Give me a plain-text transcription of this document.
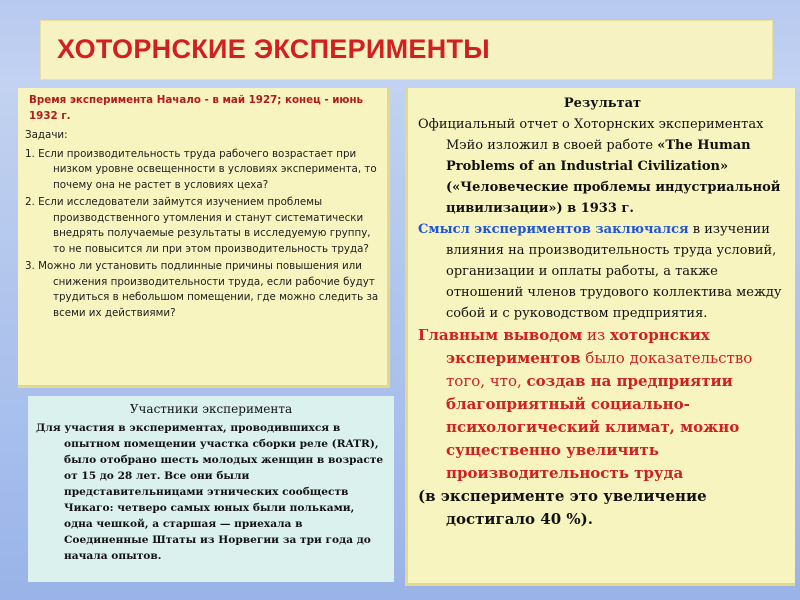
ХОТОРНСКИЕ ЭКСПЕРИМЕНТЫ
Время эксперимента Начало - в май 1927; конец - июнь 1932 г.
Задачи:
1. Если производительность труда рабочего возрастает при низком уровне освещенности в условиях эксперимента, то почему она не растет в условиях цеха?
2. Если исследователи займутся изучением проблемы производственного утомления и станут систематически внедрять получаемые результаты в исследуемую группу, то не повысится ли при этом производительность труда?
3. Можно ли установить подлинные причины повышения или снижения производительности труда, если рабочие будут трудиться в небольшом помещении, где можно следить за всеми их действиями?
Участники эксперимента
Для участия в экспериментах, проводившихся в опытном помещении участка сборки реле (RATR), было отобрано шесть молодых женщин в возрасте от 15 до 28 лет. Все они были представительницами этнических сообществ Чикаго: четверо самых юных были польками, одна чешкой, а старшая — приехала в Соединенные Штаты из Норвегии за три года до начала опытов.
Результат
Официальный отчет о Хоторнских экспериментах Мэйо изложил в своей работе «The Human Problems of an Industrial Civilization» («Человеческие проблемы индустриальной цивилизации») в 1933 г.
Смысл экспериментов заключался в изучении влияния на производительность труда условий, организации и оплаты работы, а также отношений членов трудового коллектива между собой и с руководством предприятия.
Главным выводом из хоторнских экспериментов было доказательство того, что, создав на предприятии благоприятный социально-психологический климат, можно существенно увеличить производительность труда
(в эксперименте это увеличение достигало 40 %).
